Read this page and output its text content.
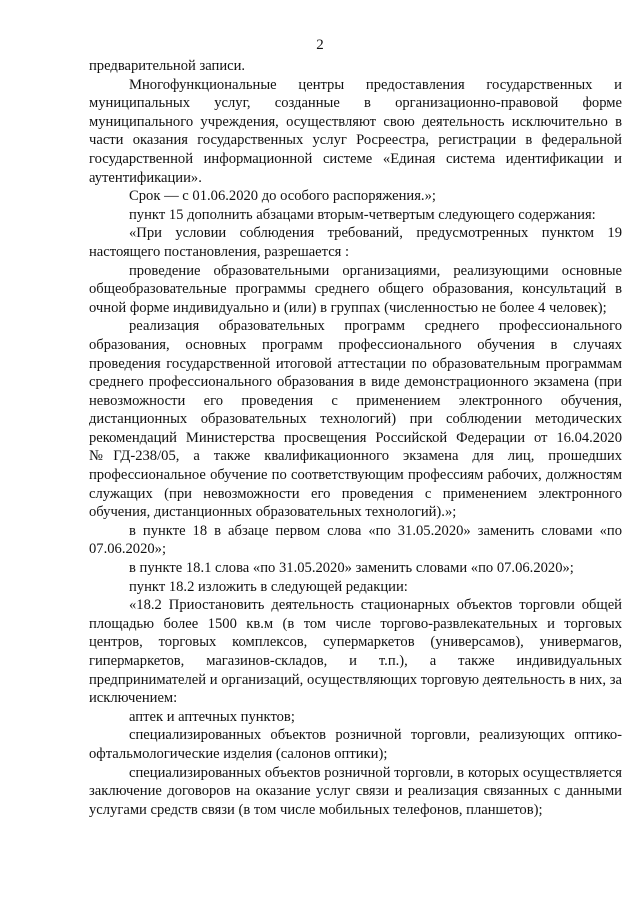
2

предварительной записи.

Многофункциональные центры предоставления государственных и муниципальных услуг, созданные в организационно-правовой форме муниципального учреждения, осуществляют свою деятельность исключительно в части оказания государственных услуг Росреестра, регистрации в федеральной государственной информационной системе «Единая система идентификации и аутентификации».

Срок — с 01.06.2020 до особого распоряжения.»;

пункт 15 дополнить абзацами вторым-четвертым следующего содержания:

«При условии соблюдения требований, предусмотренных пунктом 19 настоящего постановления, разрешается :

проведение образовательными организациями, реализующими основные общеобразовательные программы среднего общего образования, консультаций в очной форме индивидуально и (или) в группах (численностью не более 4 человек);

реализация образовательных программ среднего профессионального образования, основных программ профессионального обучения в случаях проведения государственной итоговой аттестации по образовательным программам среднего профессионального образования в виде демонстрационного экзамена (при невозможности его проведения с применением электронного обучения, дистанционных образовательных технологий) при соблюдении методических рекомендаций Министерства просвещения Российской Федерации от 16.04.2020 №ГД-238/05, а также квалификационного экзамена для лиц, прошедших профессиональное обучение по соответствующим профессиям рабочих, должностям служащих (при невозможности его проведения с применением электронного обучения, дистанционных образовательных технологий).»;

в пункте 18 в абзаце первом слова «по 31.05.2020» заменить словами «по 07.06.2020»;

в пункте 18.1 слова «по 31.05.2020» заменить словами «по 07.06.2020»;

пункт 18.2 изложить в следующей редакции:

«18.2 Приостановить деятельность стационарных объектов торговли общей площадью более 1500 кв.м (в том числе торгово-развлекательных и торговых центров, торговых комплексов, супермаркетов (универсамов), универмагов, гипермаркетов, магазинов-складов, и т.п.), а также индивидуальных предпринимателей и организаций, осуществляющих торговую деятельность в них, за исключением:

аптек и аптечных пунктов;

специализированных объектов розничной торговли, реализующих оптико-офтальмологические изделия (салонов оптики);

специализированных объектов розничной торговли, в которых осуществляется заключение договоров на оказание услуг связи и реализация связанных с данными услугами средств связи (в том числе мобильных телефонов, планшетов);
